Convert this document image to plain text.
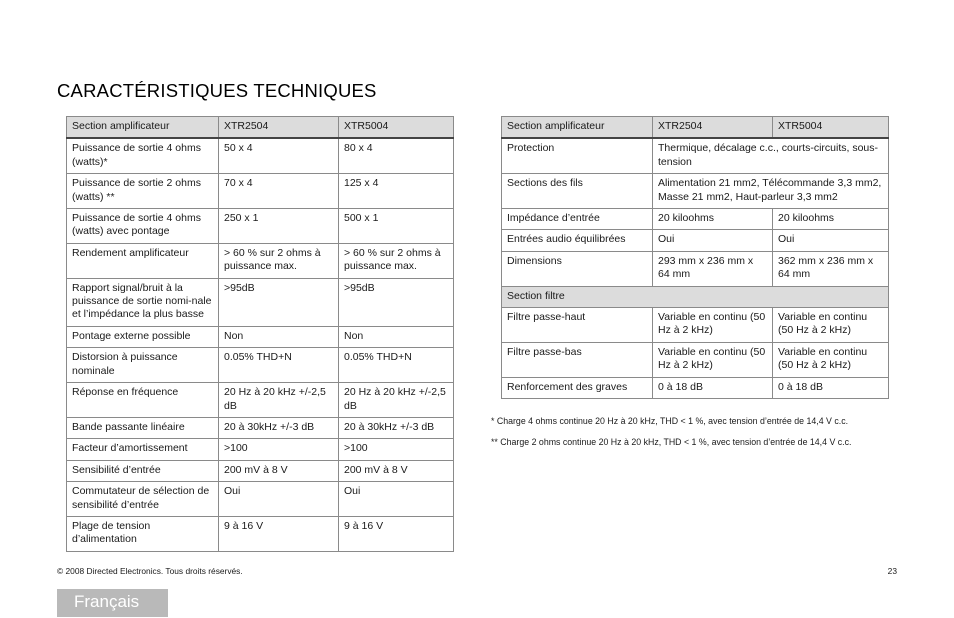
CARACTÉRISTIQUES TECHNIQUES
Section amplificateur	XTR2504	XTR5004
Puissance de sortie 4 ohms (watts)*	50 x 4	80 x 4
Puissance de sortie 2 ohms (watts) **	70 x 4	125 x 4
Puissance de sortie 4 ohms (watts) avec pontage	250 x 1	500 x 1
Rendement amplificateur	> 60 % sur 2 ohms à puissance max.	> 60 % sur 2 ohms à puissance max.
Rapport signal/bruit à la puissance de sortie nomi-nale et l’impédance la plus basse	>95dB	>95dB
Pontage externe possible	Non	Non
Distorsion à puissance nominale	0.05% THD+N	0.05% THD+N
Réponse en fréquence	20 Hz à 20 kHz +/-2,5 dB	20 Hz à 20 kHz +/-2,5 dB
Bande passante linéaire	20 à 30kHz +/-3 dB	20 à 30kHz +/-3 dB
Facteur d’amortissement	>100	>100
Sensibilité d’entrée	200 mV à 8 V	200 mV à 8 V
Commutateur de sélection de sensibilité d’entrée	Oui	Oui
Plage de tension d’alimentation	9 à 16 V	9 à 16 V
Section amplificateur	XTR2504	XTR5004
Protection	Thermique, décalage c.c., courts-circuits, sous-tension	
Sections des fils	Alimentation 21 mm2, Télécommande 3,3 mm2, Masse 21 mm2, Haut-parleur 3,3 mm2	
Impédance d’entrée	20 kiloohms	20 kiloohms
Entrées audio équilibrées	Oui	Oui
Dimensions	293 mm x 236 mm x 64 mm	362 mm x 236 mm x 64 mm
Section filtre		
Filtre passe-haut	Variable en continu (50 Hz à 2 kHz)	Variable en continu (50 Hz à 2 kHz)
Filtre passe-bas	Variable en continu (50 Hz à 2 kHz)	Variable en continu (50 Hz à 2 kHz)
Renforcement des graves	0 à 18 dB	0 à 18 dB

* Charge 4 ohms continue 20 Hz à 20 kHz, THD < 1 %, avec tension d’entrée de 14,4 V c.c.

** Charge 2 ohms continue 20 Hz à 20 kHz, THD < 1 %, avec tension d’entrée de 14,4 V c.c.

© 2008 Directed Electronics. Tous droits réservés.	23
Français
